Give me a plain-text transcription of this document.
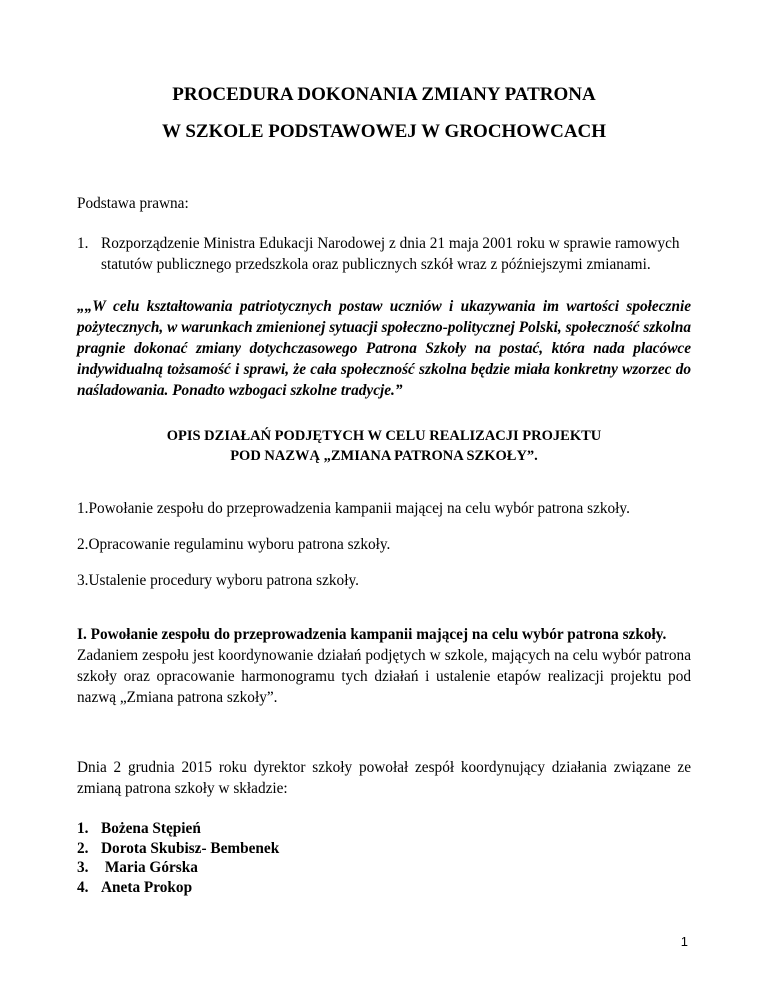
PROCEDURA DOKONANIA ZMIANY PATRONA
W SZKOLE PODSTAWOWEJ W GROCHOWCACH
Podstawa prawna:
1. Rozporządzenie Ministra Edukacji Narodowej z dnia 21 maja 2001 roku w sprawie ramowych statutów publicznego przedszkola oraz publicznych szkół wraz z późniejszymi zmianami.
„„W celu kształtowania patriotycznych postaw uczniów i ukazywania im wartości społecznie pożytecznych, w warunkach zmienionej sytuacji społeczno-politycznej Polski, społeczność szkolna pragnie dokonać zmiany dotychczasowego Patrona Szkoły na postać, która nada placówce indywidualną tożsamość i sprawi, że cała społeczność szkolna będzie miała konkretny wzorzec do naśladowania. Ponadto wzbogaci szkolne tradycje.”
OPIS DZIAŁAŃ PODJĘTYCH W CELU REALIZACJI PROJEKTU
POD NAZWĄ „ZMIANA PATRONA SZKOŁY”.
1.Powołanie zespołu do przeprowadzenia kampanii mającej na celu wybór patrona szkoły.
2.Opracowanie regulaminu wyboru patrona szkoły.
3.Ustalenie procedury wyboru patrona szkoły.
I. Powołanie zespołu do przeprowadzenia kampanii mającej na celu wybór patrona szkoły.
Zadaniem zespołu jest koordynowanie działań podjętych w szkole, mających na celu wybór patrona szkoły oraz opracowanie harmonogramu tych działań i ustalenie etapów realizacji projektu pod nazwą „Zmiana patrona szkoły”.
Dnia 2 grudnia 2015 roku dyrektor szkoły powołał zespół koordynujący działania związane ze zmianą patrona szkoły w składzie:
1. Bożena Stępień
2. Dorota Skubisz- Bembenek
3. Maria Górska
4. Aneta Prokop
1
